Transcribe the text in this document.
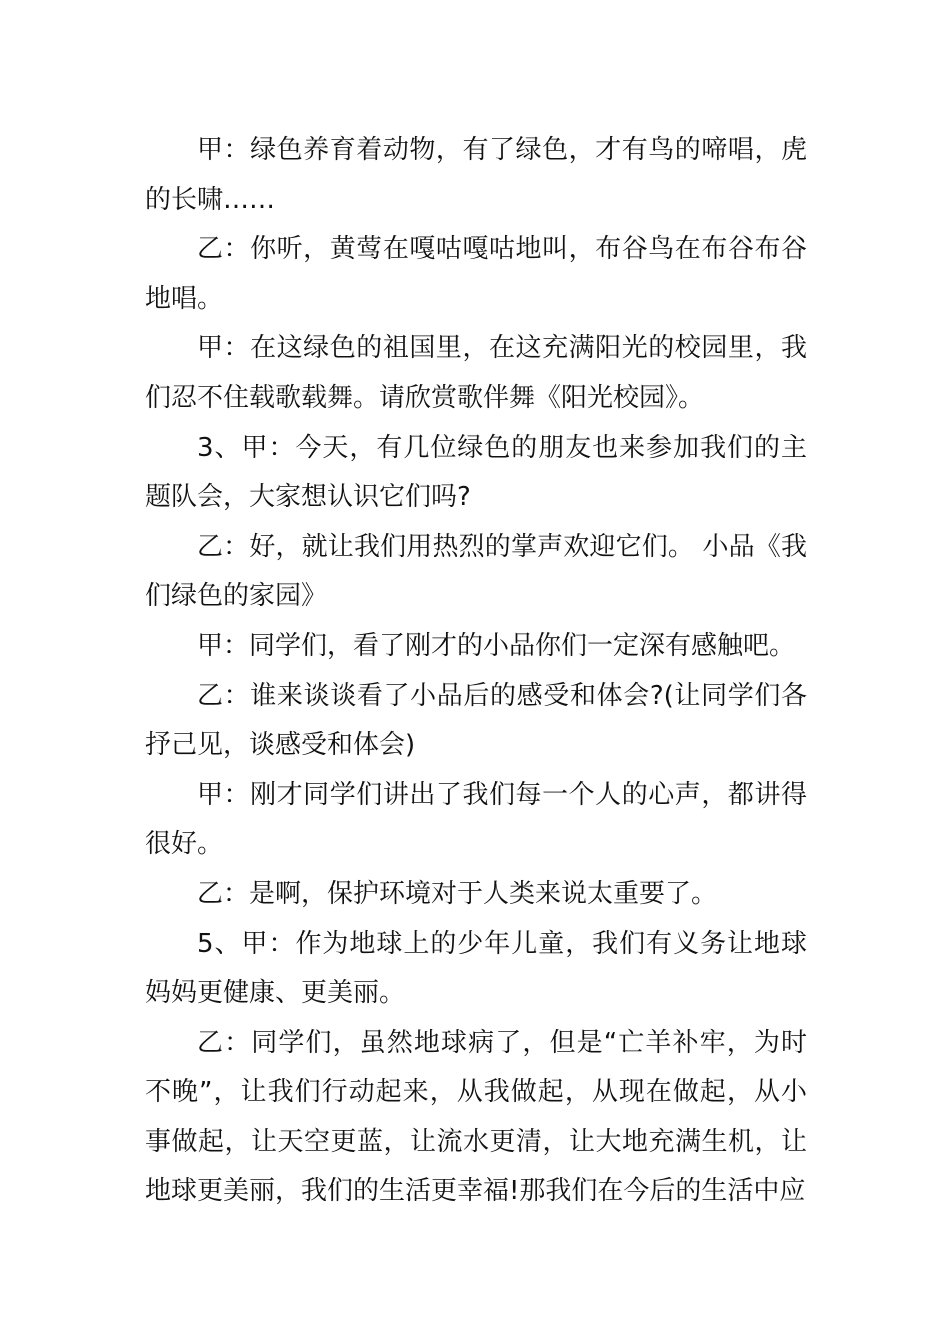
甲：绿色养育着动物，有了绿色，才有鸟的啼唱，虎的长啸……

乙：你听，黄莺在嘎咕嘎咕地叫，布谷鸟在布谷布谷地唱。

甲：在这绿色的祖国里，在这充满阳光的校园里，我们忍不住载歌载舞。请欣赏歌伴舞《阳光校园》。

3、甲：今天，有几位绿色的朋友也来参加我们的主题队会，大家想认识它们吗?

乙：好，就让我们用热烈的掌声欢迎它们。 小品《我们绿色的家园》

甲：同学们，看了刚才的小品你们一定深有感触吧。

乙：谁来谈谈看了小品后的感受和体会?(让同学们各抒己见，谈感受和体会)

甲：刚才同学们讲出了我们每一个人的心声，都讲得很好。

乙：是啊，保护环境对于人类来说太重要了。

5、甲：作为地球上的少年儿童，我们有义务让地球妈妈更健康、更美丽。

乙：同学们，虽然地球病了，但是“亡羊补牢，为时不晚”，让我们行动起来，从我做起，从现在做起，从小事做起，让天空更蓝，让流水更清，让大地充满生机，让地球更美丽，我们的生活更幸福!那我们在今后的生活中应
